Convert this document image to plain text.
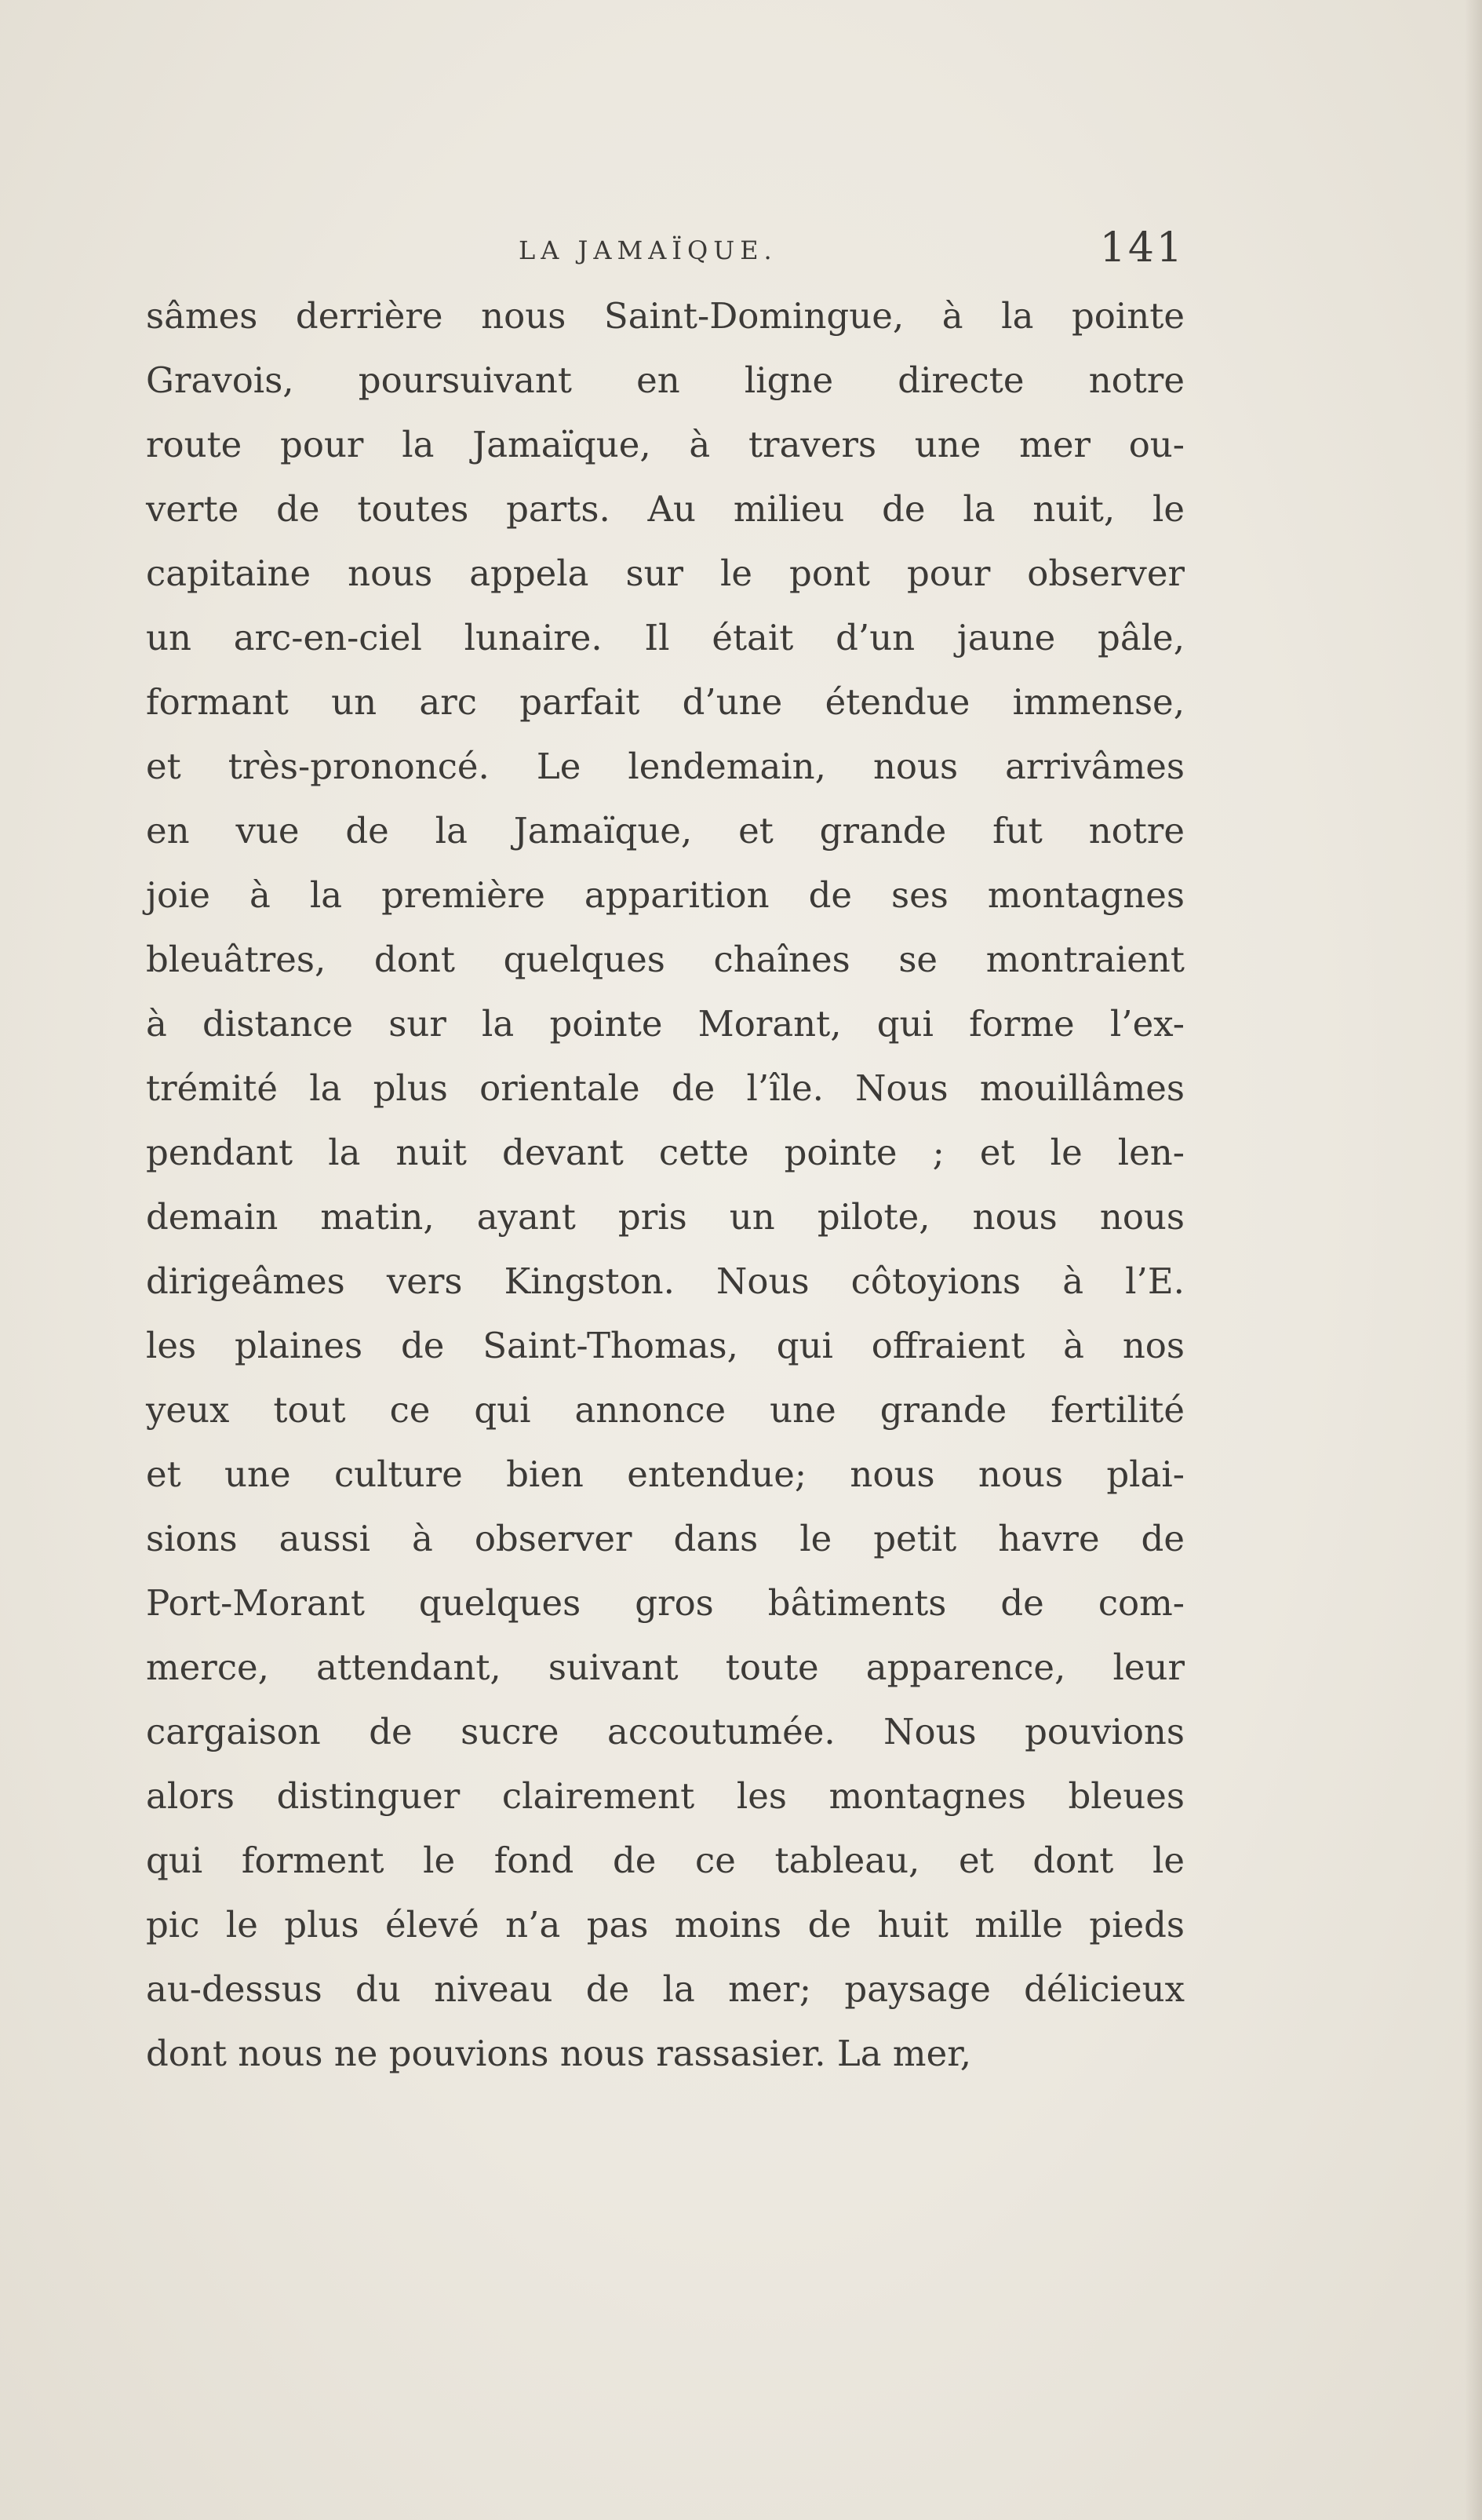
LA JAMAÏQUE.	141
sâmes derrière nous Saint-Domingue, à la pointe
Gravois, poursuivant en ligne directe notre
route pour la Jamaïque, à travers une mer ou-
verte de toutes parts. Au milieu de la nuit, le
capitaine nous appela sur le pont pour observer
un arc-en-ciel lunaire. Il était d’un jaune pâle,
formant un arc parfait d’une étendue immense,
et très-prononcé. Le lendemain, nous arrivâmes
en vue de la Jamaïque, et grande fut notre
joie à la première apparition de ses montagnes
bleuâtres, dont quelques chaînes se montraient
à distance sur la pointe Morant, qui forme l’ex-
trémité la plus orientale de l’île. Nous mouillâmes
pendant la nuit devant cette pointe ; et le len-
demain matin, ayant pris un pilote, nous nous
dirigeâmes vers Kingston. Nous côtoyions à l’E.
les plaines de Saint-Thomas, qui offraient à nos
yeux tout ce qui annonce une grande fertilité
et une culture bien entendue; nous nous plai-
sions aussi à observer dans le petit havre de
Port-Morant quelques gros bâtiments de com-
merce, attendant, suivant toute apparence, leur
cargaison de sucre accoutumée. Nous pouvions
alors distinguer clairement les montagnes bleues
qui forment le fond de ce tableau, et dont le
pic le plus élevé n’a pas moins de huit mille pieds
au-dessus du niveau de la mer; paysage délicieux
dont nous ne pouvions nous rassasier. La mer,
